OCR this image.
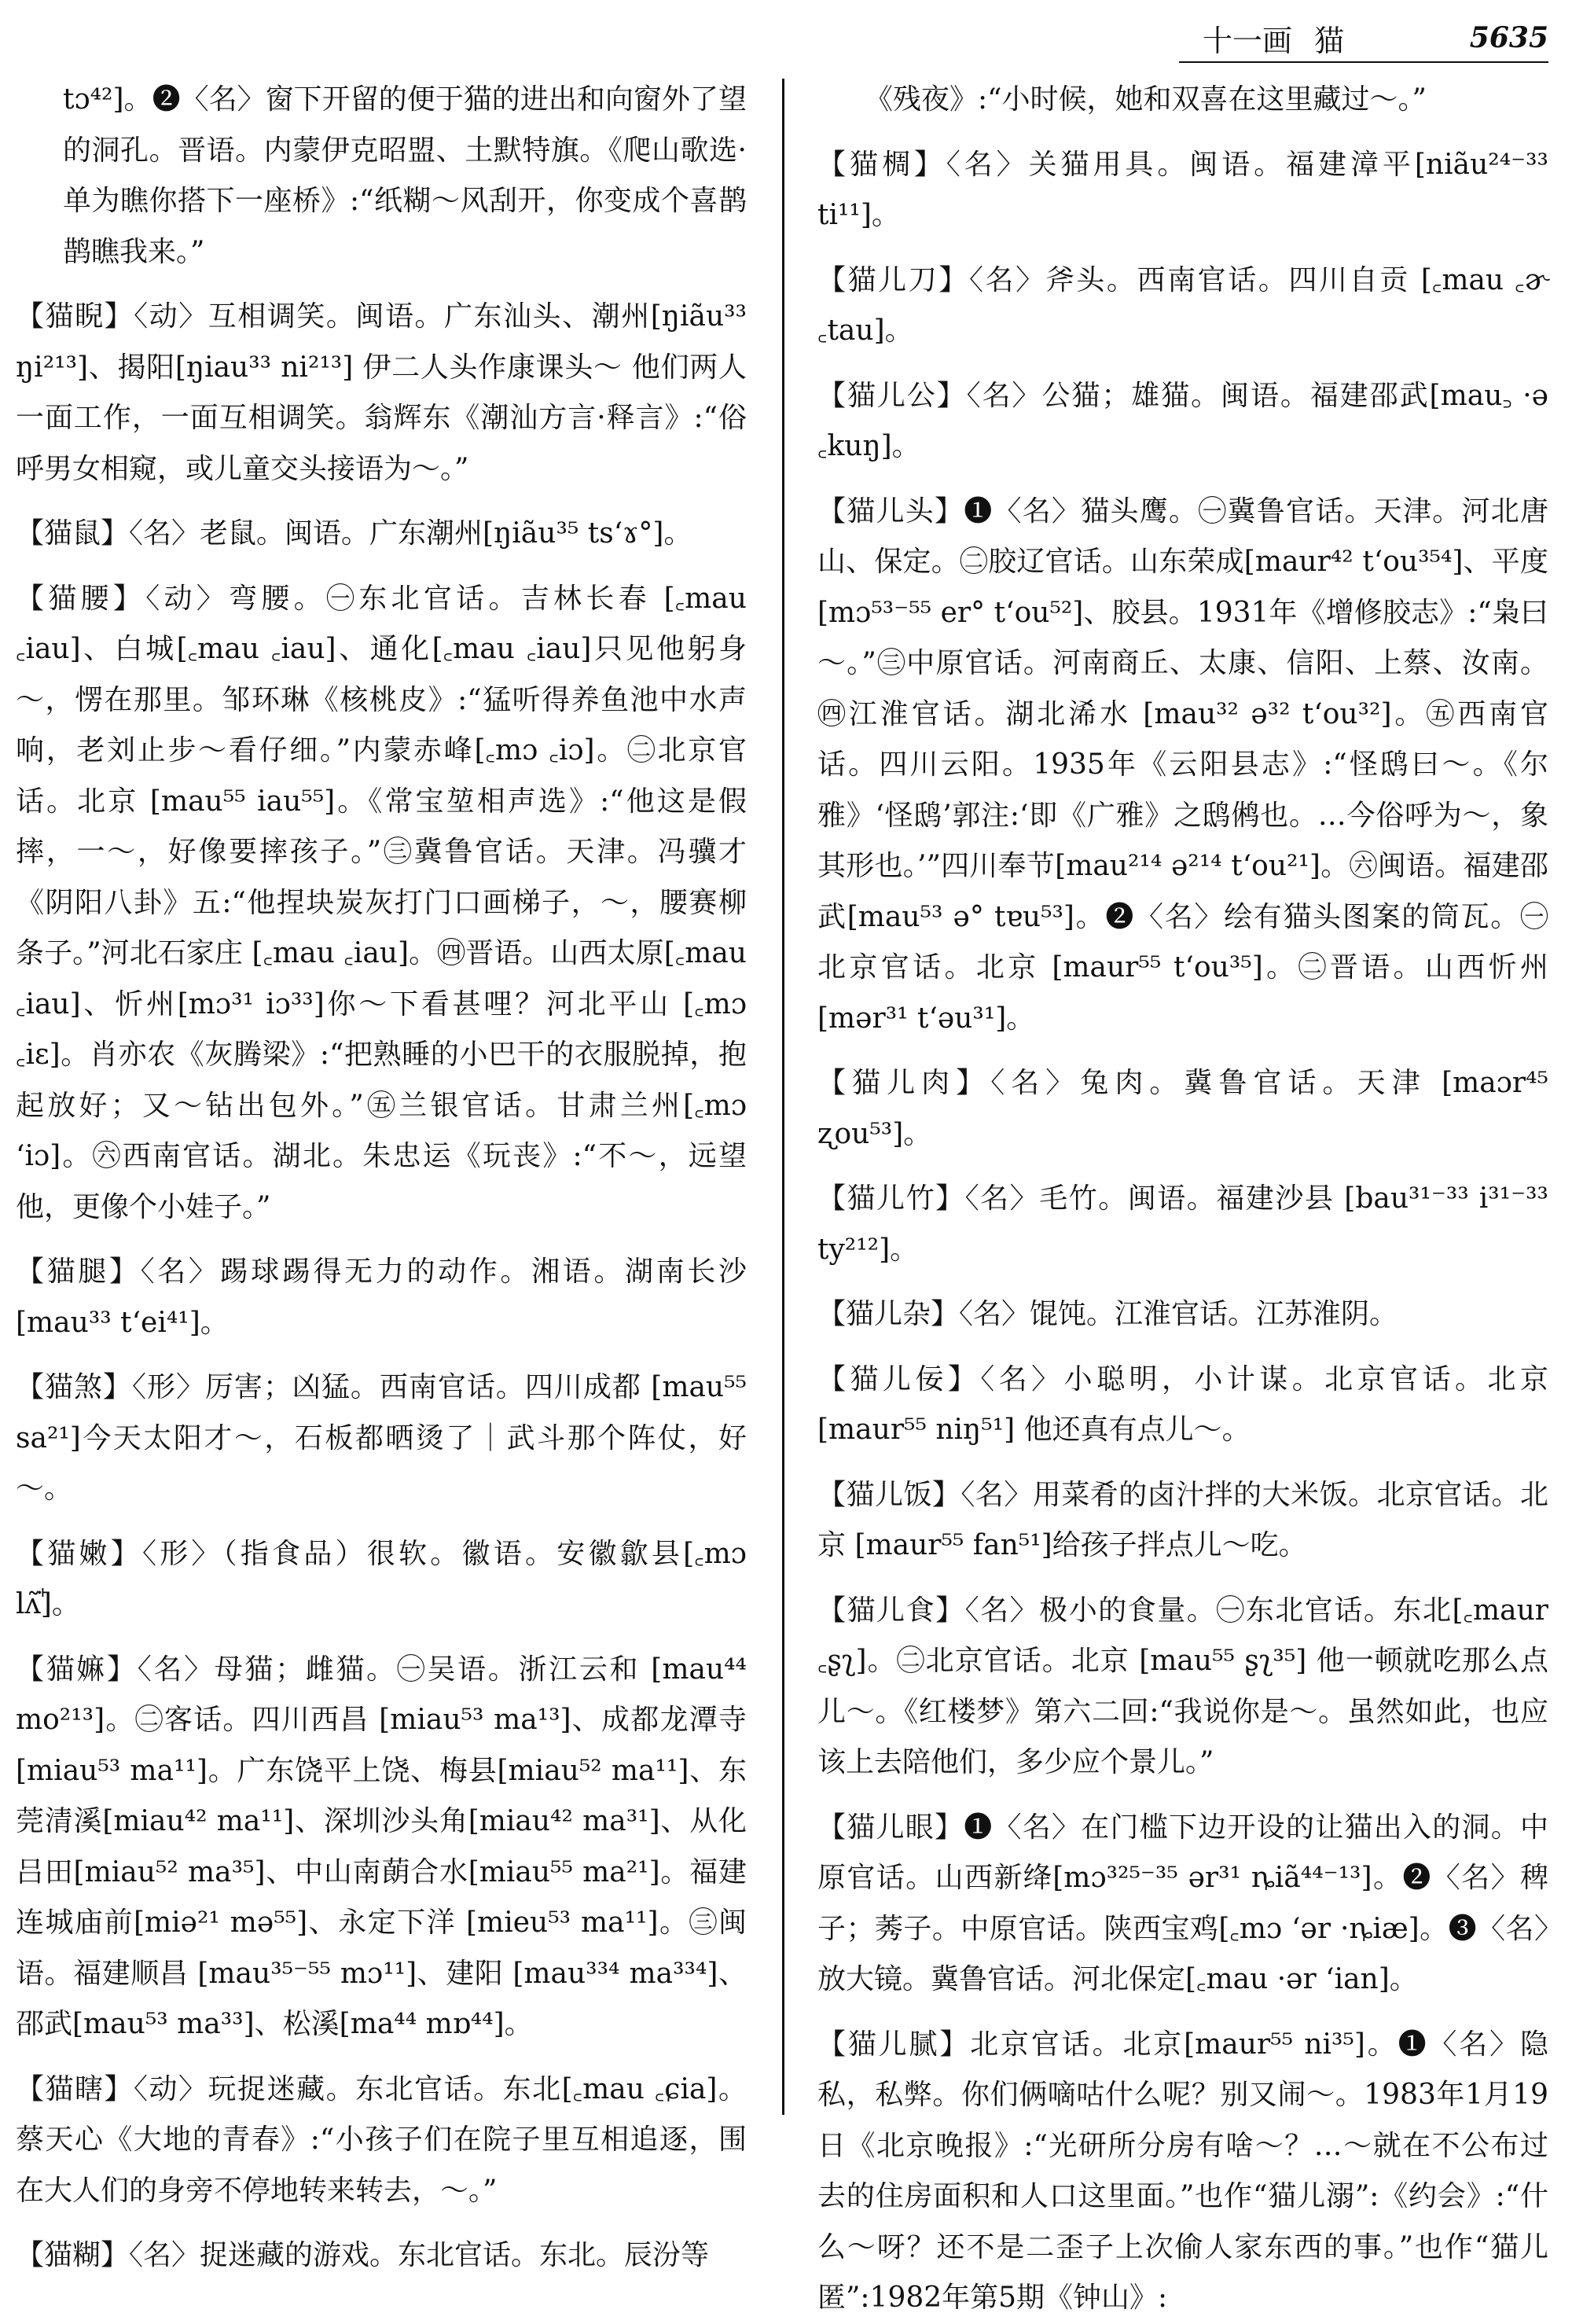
十一画 猫	5635
tɔ⁴²]。❷〈名〉窗下开留的便于猫的进出和向窗外了望的洞孔。晋语。内蒙伊克昭盟、土默特旗。《爬山歌选·单为瞧你搭下一座桥》:“纸糊～风刮开，你变成个喜鹊鹊瞧我来。”
【 猫睨 】 〈动〉互相调笑。闽语。广东汕头、潮州[ŋiãu³³ ŋi²¹³]、揭阳[ŋiau³³ ni²¹³] 伊二人头作康课头～ 他们两人一面工作，一面互相调笑。翁辉东《潮汕方言·释言》:“俗呼男女相窥，或儿童交头接语为～。”
【 猫鼠 】 〈名〉老鼠。闽语。广东潮州[ŋiãu³⁵ tsʻɤ°]。
【 猫腰 】 〈动〉弯腰。㊀东北官话。吉林长春 [꜀mau ꜀iau]、白城[꜀mau ꜀iau]、通化[꜀mau ꜀iau]只见他躬身～，愣在那里。邹环琳《核桃皮》:“猛听得养鱼池中水声响，老刘止步～看仔细。”内蒙赤峰[꜀mɔ ꜀iɔ]。㊁北京官话。北京 [mau⁵⁵ iau⁵⁵]。《常宝堃相声选》:“他这是假摔，一～，好像要摔孩子。”㊂冀鲁官话。天津。冯骥才《阴阳八卦》五:“他捏块炭灰打门口画梯子，～，腰赛柳条子。”河北石家庄 [꜀mau ꜀iau]。㊃晋语。山西太原[꜀mau ꜀iau]、忻州[mɔ³¹ iɔ³³]你～下看甚哩？河北平山 [꜀mɔ ꜀iɛ]。肖亦农《灰腾梁》:“把熟睡的小巴干的衣服脱掉，抱起放好；又～钻出包外。”㊄兰银官话。甘肃兰州[꜀mɔ ʻiɔ]。㊅西南官话。湖北。朱忠运《玩丧》:“不～，远望他，更像个小娃子。”
【 猫腿 】 〈名〉踢球踢得无力的动作。湘语。湖南长沙 [mau³³ tʻei⁴¹]。
【 猫煞 】 〈形〉厉害；凶猛。西南官话。四川成都 [mau⁵⁵ sa²¹]今天太阳才～，石板都晒烫了｜武斗那个阵仗，好～。
【 猫嫩 】 〈形〉（指食品）很软。徽语。安徽歙县[꜀mɔ lʌ̃ꜗ]。
【 猫嫲 】 〈名〉母猫；雌猫。㊀吴语。浙江云和 [mau⁴⁴ mo²¹³]。㊁客话。四川西昌 [miau⁵³ ma¹³]、成都龙潭寺 [miau⁵³ ma¹¹]。广东饶平上饶、梅县[miau⁵² ma¹¹]、东莞清溪[miau⁴² ma¹¹]、深圳沙头角[miau⁴² ma³¹]、从化吕田[miau⁵² ma³⁵]、中山南蓢合水[miau⁵⁵ ma²¹]。福建连城庙前[miə²¹ mə⁵⁵]、永定下洋 [mieu⁵³ ma¹¹]。㊂闽语。福建顺昌 [mau³⁵⁻⁵⁵ mɔ¹¹]、建阳 [mau³³⁴ ma³³⁴]、邵武[mau⁵³ ma³³]、松溪[ma⁴⁴ mɒ⁴⁴]。
【 猫瞎 】 〈动〉玩捉迷藏。东北官话。东北[꜀mau ꜀ɕia]。蔡天心《大地的青春》:“小孩子们在院子里互相追逐，围在大人们的身旁不停地转来转去，～。”
【 猫糊 】 〈名〉捉迷藏的游戏。东北官话。东北。辰汾等
《残夜》:“小时候，她和双喜在这里藏过～。”
【 猫椆 】 〈名〉关猫用具。闽语。福建漳平[niãu²⁴⁻³³ ti¹¹]。
【 猫儿刀 】 〈名〉斧头。西南官话。四川自贡 [꜀mau ꜀ɚ ꜀tau]。
【 猫儿公 】 〈名〉公猫；雄猫。闽语。福建邵武[mau꜆ ·ə ꜀kuŋ]。
【 猫儿头 】 ❶〈名〉猫头鹰。㊀冀鲁官话。天津。河北唐山、保定。㊁胶辽官话。山东荣成[maur⁴² tʻou³⁵⁴]、平度 [mɔ⁵³⁻⁵⁵ er° tʻou⁵²]、胶县。1931年《增修胶志》:“枭曰～。”㊂中原官话。河南商丘、太康、信阳、上蔡、汝南。㊃江淮官话。湖北浠水 [mau³² ə³² tʻou³²]。㊄西南官话。四川云阳。1935年《云阳县志》:“怪鸱曰～。《尔雅》‘怪鸱’郭注:‘即《广雅》之鸱鸺也。…今俗呼为～，象其形也。’”四川奉节[mau²¹⁴ ə²¹⁴ tʻou²¹]。㊅闽语。福建邵武[mau⁵³ ə° tɐu⁵³]。❷〈名〉绘有猫头图案的筒瓦。㊀北京官话。北京 [maur⁵⁵ tʻou³⁵]。㊁晋语。山西忻州 [mər³¹ tʻəu³¹]。
【 猫儿肉 】 〈名〉兔肉。冀鲁官话。天津 [maɔr⁴⁵ ʐou⁵³]。
【 猫儿竹 】 〈名〉毛竹。闽语。福建沙县 [bau³¹⁻³³ i³¹⁻³³ ty²¹²]。
【 猫儿杂 】 〈名〉馄饨。江淮官话。江苏淮阴。
【 猫儿佞 】 〈名〉小聪明，小计谋。北京官话。北京 [maur⁵⁵ niŋ⁵¹] 他还真有点儿～。
【 猫儿饭 】 〈名〉用菜肴的卤汁拌的大米饭。北京官话。北京 [maur⁵⁵ fan⁵¹]给孩子拌点儿～吃。
【 猫儿食 】 〈名〉极小的食量。㊀东北官话。东北[꜀maur ꜀ʂʅ]。㊁北京官话。北京 [mau⁵⁵ ʂʅ³⁵] 他一顿就吃那么点儿～。《红楼梦》第六二回:“我说你是～。虽然如此，也应该上去陪他们，多少应个景儿。”
【 猫儿眼 】 ❶〈名〉在门槛下边开设的让猫出入的洞。中原官话。山西新绛[mɔ³²⁵⁻³⁵ ər³¹ ȵiã⁴⁴⁻¹³]。❷〈名〉稗子；莠子。中原官话。陕西宝鸡[꜀mɔ ʻər ·ȵiæ]。❸〈名〉放大镜。冀鲁官话。河北保定[꜀mau ·ər ʻian]。
【 猫儿腻 】 北京官话。北京[maur⁵⁵ ni³⁵]。❶〈名〉隐私，私弊。你们俩嘀咕什么呢？别又闹～。1983年1月19日《北京晚报》:“光研所分房有啥～？…～就在不公布过去的住房面积和人口这里面。”也作“猫儿溺”:《约会》:“什么～呀？还不是二歪子上次偷人家东西的事。”也作“猫儿匿”:1982年第5期《钟山》:
